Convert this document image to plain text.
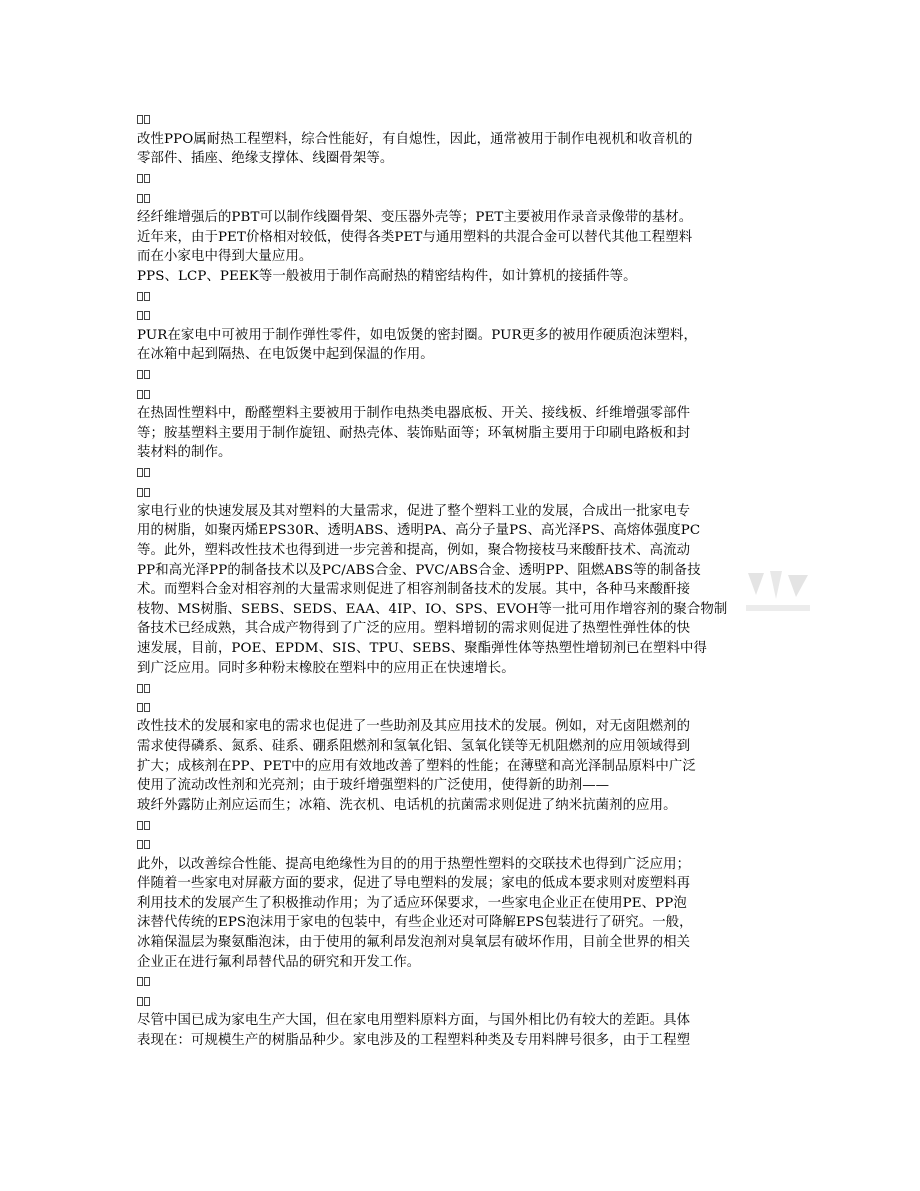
改性PPO属耐热工程塑料，综合性能好，有自熄性，因此，通常被用于制作电视机和收音机的
零部件、插座、绝缘支撑体、线圈骨架等。
经纤维增强后的PBT可以制作线圈骨架、变压器外壳等；PET主要被用作录音录像带的基材。
近年来，由于PET价格相对较低，使得各类PET与通用塑料的共混合金可以替代其他工程塑料
而在小家电中得到大量应用。
PPS、LCP、PEEK等一般被用于制作高耐热的精密结构件，如计算机的接插件等。
PUR在家电中可被用于制作弹性零件，如电饭煲的密封圈。PUR更多的被用作硬质泡沫塑料，
在冰箱中起到隔热、在电饭煲中起到保温的作用。
在热固性塑料中，酚醛塑料主要被用于制作电热类电器底板、开关、接线板、纤维增强零部件
等；胺基塑料主要用于制作旋钮、耐热壳体、装饰贴面等；环氧树脂主要用于印刷电路板和封
装材料的制作。
家电行业的快速发展及其对塑料的大量需求，促进了整个塑料工业的发展，合成出一批家电专
用的树脂，如聚丙烯EPS30R、透明ABS、透明PA、高分子量PS、高光泽PS、高熔体强度PC
等。此外，塑料改性技术也得到进一步完善和提高，例如，聚合物接枝马来酸酐技术、高流动
PP和高光泽PP的制备技术以及PC/ABS合金、PVC/ABS合金、透明PP、阻燃ABS等的制备技
术。而塑料合金对相容剂的大量需求则促进了相容剂制备技术的发展。其中，各种马来酸酐接
枝物、MS树脂、SEBS、SEDS、EAA、4IP、IO、SPS、EVOH等一批可用作增容剂的聚合物制
备技术已经成熟，其合成产物得到了广泛的应用。塑料增韧的需求则促进了热塑性弹性体的快
速发展，目前，POE、EPDM、SIS、TPU、SEBS、聚酯弹性体等热塑性增韧剂已在塑料中得
到广泛应用。同时多种粉末橡胶在塑料中的应用正在快速增长。
改性技术的发展和家电的需求也促进了一些助剂及其应用技术的发展。例如，对无卤阻燃剂的
需求使得磷系、氮系、硅系、硼系阻燃剂和氢氧化铝、氢氧化镁等无机阻燃剂的应用领域得到
扩大；成核剂在PP、PET中的应用有效地改善了塑料的性能；在薄壁和高光泽制品原料中广泛
使用了流动改性剂和光亮剂；由于玻纤增强塑料的广泛使用，使得新的助剂——
玻纤外露防止剂应运而生；冰箱、洗衣机、电话机的抗菌需求则促进了纳米抗菌剂的应用。
此外，以改善综合性能、提高电绝缘性为目的的用于热塑性塑料的交联技术也得到广泛应用；
伴随着一些家电对屏蔽方面的要求，促进了导电塑料的发展；家电的低成本要求则对废塑料再
利用技术的发展产生了积极推动作用；为了适应环保要求，一些家电企业正在使用PE、PP泡
沫替代传统的EPS泡沫用于家电的包装中，有些企业还对可降解EPS包装进行了研究。一般，
冰箱保温层为聚氨酯泡沫，由于使用的氟利昂发泡剂对臭氧层有破坏作用，目前全世界的相关
企业正在进行氟利昂替代品的研究和开发工作。
尽管中国已成为家电生产大国，但在家电用塑料原料方面，与国外相比仍有较大的差距。具体
表现在：可规模生产的树脂品种少。家电涉及的工程塑料种类及专用料牌号很多，由于工程塑
